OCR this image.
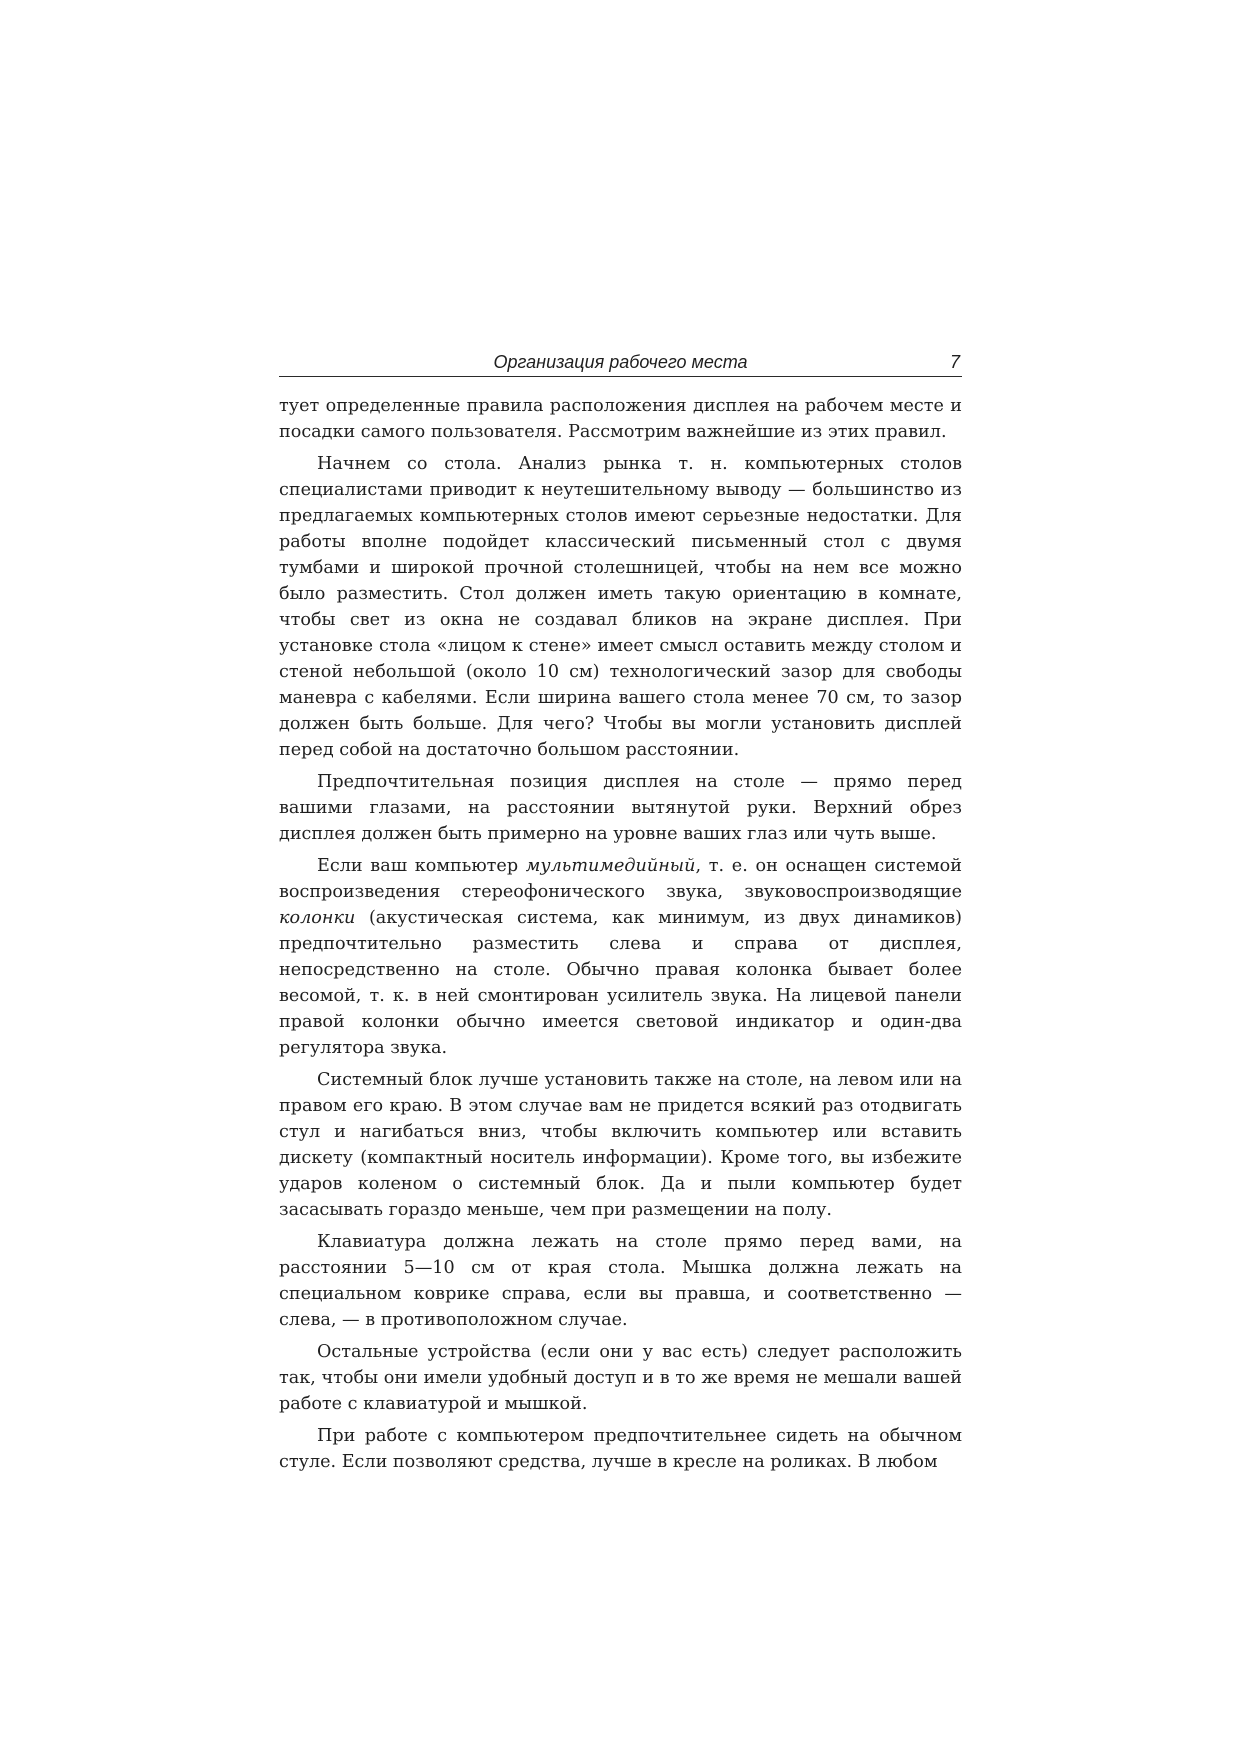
Организация рабочего места	7

тует определенные правила расположения дисплея на рабочем месте и посадки самого пользователя. Рассмотрим важнейшие из этих правил.

Начнем со стола. Анализ рынка т. н. компьютерных столов специалистами приводит к неутешительному выводу — большинство из предлагаемых компьютерных столов имеют серьезные недостатки. Для работы вполне подойдет классический письменный стол с двумя тумбами и широкой прочной столешницей, чтобы на нем все можно было разместить. Стол должен иметь такую ориентацию в комнате, чтобы свет из окна не создавал бликов на экране дисплея. При установке стола «лицом к стене» имеет смысл оставить между столом и стеной небольшой (около 10 см) технологический зазор для свободы маневра с кабелями. Если ширина вашего стола менее 70 см, то зазор должен быть больше. Для чего? Чтобы вы могли установить дисплей перед собой на достаточно большом расстоянии.

Предпочтительная позиция дисплея на столе — прямо перед вашими глазами, на расстоянии вытянутой руки. Верхний обрез дисплея должен быть примерно на уровне ваших глаз или чуть выше.

Если ваш компьютер мультимедийный, т. е. он оснащен системой воспроизведения стереофонического звука, звуковоспроизводящие колонки (акустическая система, как минимум, из двух динамиков) предпочтительно разместить слева и справа от дисплея, непосредственно на столе. Обычно правая колонка бывает более весомой, т. к. в ней смонтирован усилитель звука. На лицевой панели правой колонки обычно имеется световой индикатор и один-два регулятора звука.

Системный блок лучше установить также на столе, на левом или на правом его краю. В этом случае вам не придется всякий раз отодвигать стул и нагибаться вниз, чтобы включить компьютер или вставить дискету (компактный носитель информации). Кроме того, вы избежите ударов коленом о системный блок. Да и пыли компьютер будет засасывать гораздо меньше, чем при размещении на полу.

Клавиатура должна лежать на столе прямо перед вами, на расстоянии 5—10 см от края стола. Мышка должна лежать на специальном коврике справа, если вы правша, и соответственно — слева, — в противоположном случае.

Остальные устройства (если они у вас есть) следует расположить так, чтобы они имели удобный доступ и в то же время не мешали вашей работе с клавиатурой и мышкой.

При работе с компьютером предпочтительнее сидеть на обычном стуле. Если позволяют средства, лучше в кресле на роликах. В любом
